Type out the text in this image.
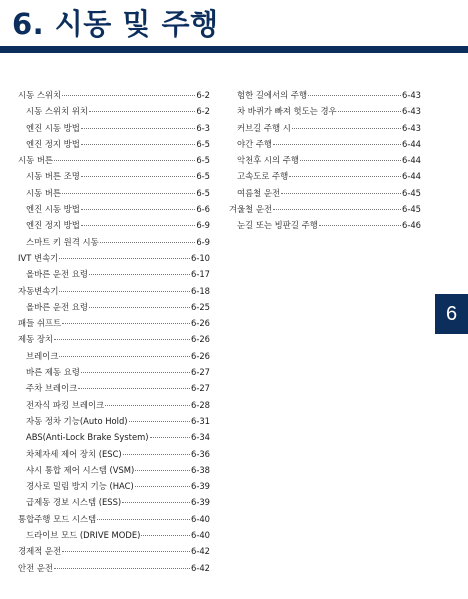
6. 시동 및 주행
시동 스위치	6-2
시동 스위치 위치	6-2
엔진 시동 방법	6-3
엔진 정지 방법	6-5
시동 버튼	6-5
시동 버튼 조명	6-5
시동 버튼	6-5
엔진 시동 방법	6-6
엔진 정지 방법	6-9
스마트 키 원격 시동	6-9
IVT 변속기	6-10
올바른 운전 요령	6-17
자동변속기	6-18
올바른 운전 요령	6-25
패들 쉬프트	6-26
제동 장치	6-26
브레이크	6-26
바른 제동 요령	6-27
주차 브레이크	6-27
전자식 파킹 브레이크	6-28
자동 정차 기능(Auto Hold)	6-31
ABS(Anti-Lock Brake System)	6-34
차체자세 제어 장치 (ESC)	6-36
샤시 통합 제어 시스템 (VSM)	6-38
경사로 밀림 방지 기능 (HAC)	6-39
급제동 경보 시스템 (ESS)	6-39
통합주행 모드 시스템	6-40
드라이브 모드 (DRIVE MODE)	6-40
경제적 운전	6-42
안전 운전	6-42
험한 길에서의 주행	6-43
차 바퀴가 빠져 헛도는 경우	6-43
커브길 주행 시	6-43
야간 주행	6-44
악천후 시의 주행	6-44
고속도로 주행	6-44
여름철 운전	6-45
겨울철 운전	6-45
눈길 또는 빙판길 주행	6-46
6
